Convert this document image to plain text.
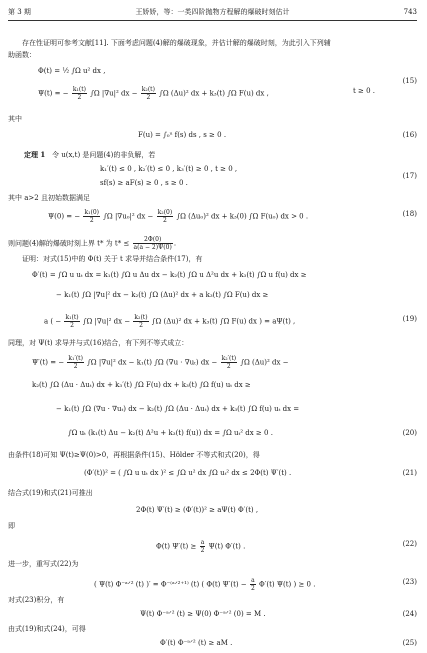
第 3 期	王娇娇，等：一类四阶抛物方程解的爆破时刻估计	743
存在性证明可参考文献[11]. 下面考虑问题(4)解的爆破现象，并估计解的爆破时刻，为此引入下列辅
助函数：
Φ(t) = ½ ∫Ω u² dx ,
Ψ(t) = − $\frac{\text{k₁(t)}}{2} \int\Omega$ |∇u|² dx − $\frac{\text{k₂(t)}}{2} \int\Omega$ (Δu)² dx + k₃(t) ∫Ω F(u) dx ,	t ≥ 0 .
(15)
其中
F(u) = ∫₀ᵘ f(s) ds , s ≥ 0 .	(16)
定理 1 令 u(x,t) 是问题(4)的非负解，若
k₁′(t) ≤ 0 , k₂′(t) ≤ 0 , k₃′(t) ≥ 0 , t ≥ 0 ,
sf(s) ≥ aF(s) ≥ 0 , s ≥ 0 .
(17)
其中 a>2 且初始数据满足
Ψ(0) = − $\frac{\text{k₁(0)}}{2} \int\Omega$ |∇u₀|² dx − $\frac{\text{k₂(0)}}{2} \int\Omega$ (Δu₀)² dx + k₃(0) ∫Ω F(u₀) dx > 0 .	(18)
则问题(4)解的爆破时刻上界 t* 为 $t* \le \frac{2\Phi(0)}{a(a - 2)\Psi(0)}$ .
证明：对式(15)中的 Φ(t) 关于 t 求导并结合条件(17)，有
Φ′(t) = ∫Ω u uₜ dx = k₁(t) ∫Ω u Δu dx − k₂(t) ∫Ω u Δ²u dx + k₃(t) ∫Ω u f(u) dx ≥
− k₁(t) ∫Ω |∇u|² dx − k₂(t) ∫Ω (Δu)² dx + a k₃(t) ∫Ω F(u) dx ≥
a ( − $\frac{\text{k₁(t)}}{2} \int\Omega$ |∇u|² dx − $\frac{\text{k₂(t)}}{2} \int\Omega$ (Δu)² dx + k₃(t) ∫Ω F(u) dx ) = aΨ(t) ,	(19)
同理，对 Ψ(t) 求导并与式(16)结合，有下列不等式成立：
Ψ′(t) = − $\frac{\text{k₁′(t)}}{2} \int\Omega$ |∇u|² dx − k₁(t) ∫Ω (∇u · ∇uₜ) dx − $\frac{\text{k₂′(t)}}{2} \int\Omega$ (Δu)² dx −
k₂(t) ∫Ω (Δu · Δuₜ) dx + k₃′(t) ∫Ω F(u) dx + k₃(t) ∫Ω f(u) uₜ dx ≥
− k₁(t) ∫Ω (∇u · ∇uₜ) dx − k₂(t) ∫Ω (Δu · Δuₜ) dx + k₃(t) ∫Ω f(u) uₜ dx =
∫Ω uₜ (k₁(t) Δu − k₂(t) Δ²u + k₃(t) f(u)) dx = ∫Ω uₜ² dx ≥ 0 .	(20)
由条件(18)可知 Ψ(t)≥Ψ(0)>0，再根据条件(15)、Hölder 不等式和式(20)，得
(Φ′(t))² = ( ∫Ω u uₜ dx )² ≤ ∫Ω u² dx ∫Ω uₜ² dx ≤ 2Φ(t) Ψ′(t) .	(21)
结合式(19)和式(21)可推出
2Φ(t) Ψ′(t) ≥ (Φ′(t))² ≥ aΨ(t) Φ′(t) ,
即
Φ(t) $\Psi'(t) \ge \frac{a}{2} \Psi(t)$ Φ′(t) .	(22)
进一步，重写式(22)为
( Ψ(t) Φ⁻ᵃᐟ² (t) )′ = Φ⁻⁽ᵃᐟ²⁺¹⁾ (t) ( Φ(t) $\Psi'(t) - \frac{a}{2} \Phi'(t)$ Ψ(t) ) ≥ 0 .	(23)
对式(23)积分，有
Ψ(t) Φ⁻ᵃᐟ² (t) ≥ Ψ(0) Φ⁻ᵃᐟ² (0) = M .	(24)
由式(19)和式(24)，可得
Φ′(t) Φ⁻ᵃᐟ² (t) ≥ aM .	(25)
